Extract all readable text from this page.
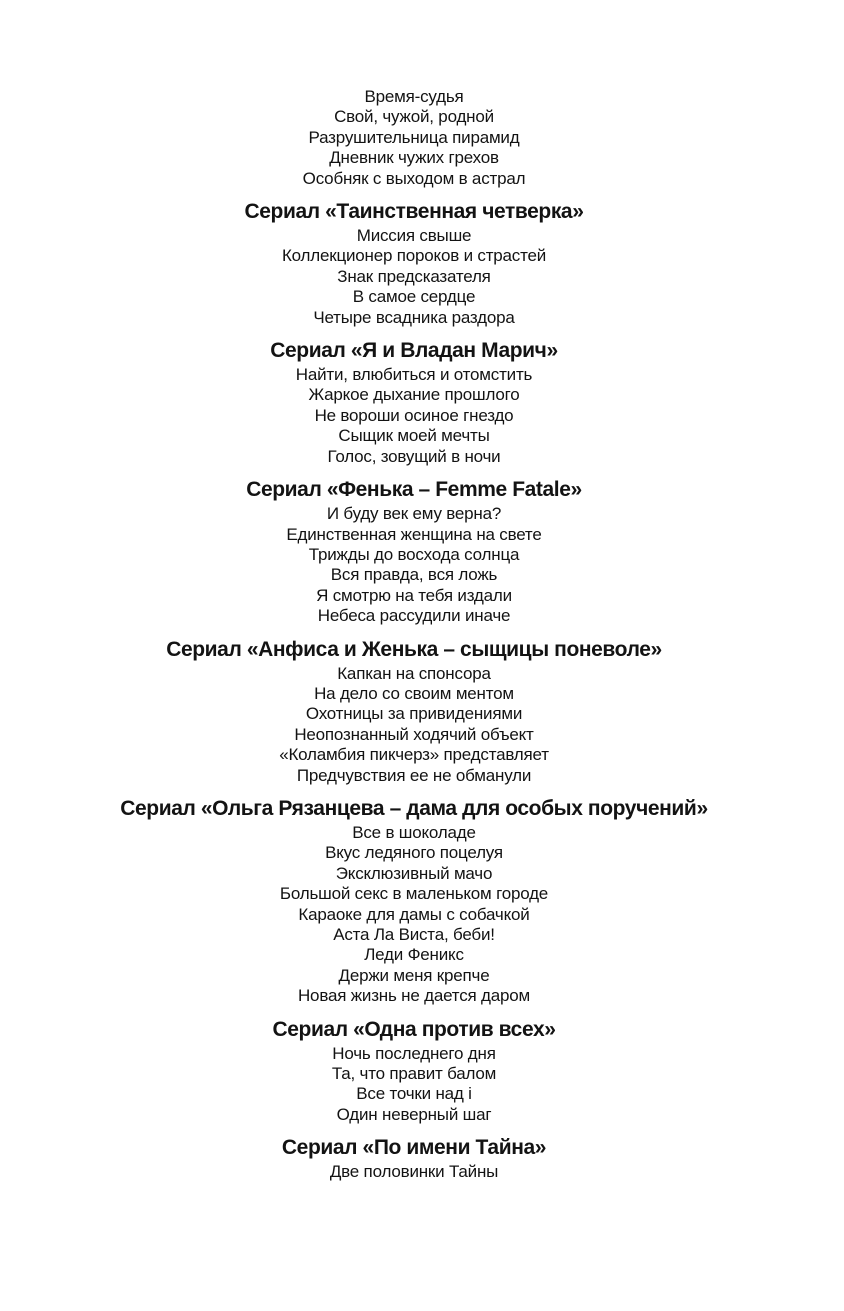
Время-судья
Свой, чужой, родной
Разрушительница пирамид
Дневник чужих грехов
Особняк с выходом в астрал
Сериал «Таинственная четверка»
Миссия свыше
Коллекционер пороков и страстей
Знак предсказателя
В самое сердце
Четыре всадника раздора
Сериал «Я и Владан Марич»
Найти, влюбиться и отомстить
Жаркое дыхание прошлого
Не вороши осиное гнездо
Сыщик моей мечты
Голос, зовущий в ночи
Сериал «Фенька – Femme Fatale»
И буду век ему верна?
Единственная женщина на свете
Трижды до восхода солнца
Вся правда, вся ложь
Я смотрю на тебя издали
Небеса рассудили иначе
Сериал «Анфиса и Женька – сыщицы поневоле»
Капкан на спонсора
На дело со своим ментом
Охотницы за привидениями
Неопознанный ходячий объект
«Коламбия пикчерз» представляет
Предчувствия ее не обманули
Сериал «Ольга Рязанцева – дама для особых поручений»
Все в шоколаде
Вкус ледяного поцелуя
Эксклюзивный мачо
Большой секс в маленьком городе
Караоке для дамы с собачкой
Аста Ла Виста, беби!
Леди Феникс
Держи меня крепче
Новая жизнь не дается даром
Сериал «Одна против всех»
Ночь последнего дня
Та, что правит балом
Все точки над i
Один неверный шаг
Сериал «По имени Тайна»
Две половинки Тайны
